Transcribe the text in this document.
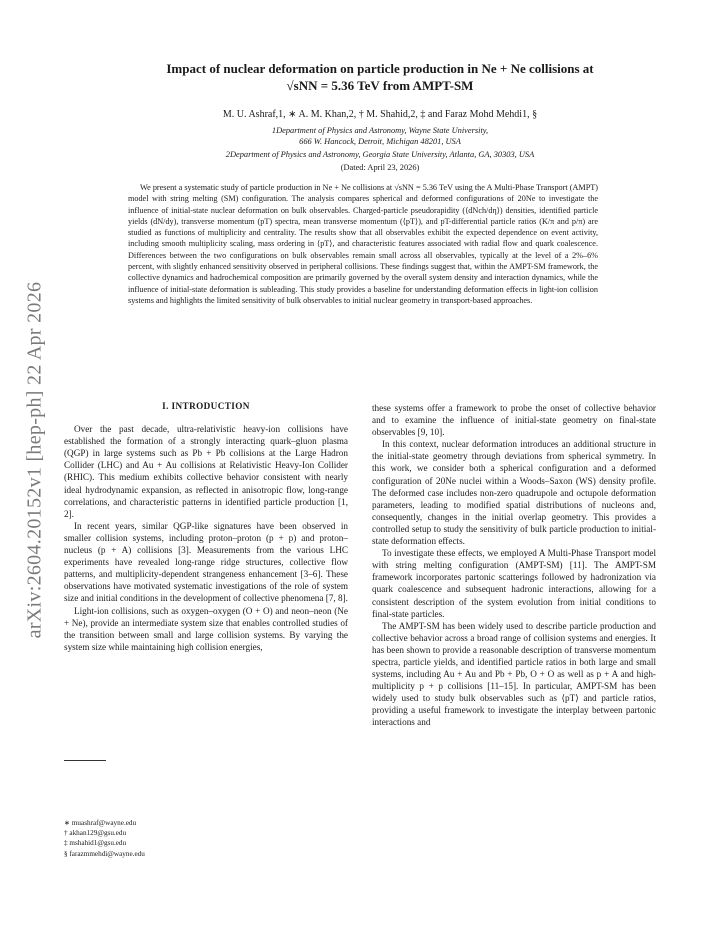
arXiv:2604.20152v1 [hep-ph] 22 Apr 2026
Impact of nuclear deformation on particle production in Ne + Ne collisions at
√sNN = 5.36 TeV from AMPT-SM
M. U. Ashraf,1, ∗ A. M. Khan,2, † M. Shahid,2, ‡ and Faraz Mohd Mehdi1, §
1Department of Physics and Astronomy, Wayne State University,
666 W. Hancock, Detroit, Michigan 48201, USA
2Department of Physics and Astronomy, Georgia State University, Atlanta, GA, 30303, USA
(Dated: April 23, 2026)

We present a systematic study of particle production in Ne + Ne collisions at √sNN = 5.36 TeV using the A Multi-Phase Transport (AMPT) model with string melting (SM) configuration. The analysis compares spherical and deformed configurations of 20Ne to investigate the influence of initial-state nuclear deformation on bulk observables. Charged-particle pseudorapidity (⟨dNch/dη⟩) densities, identified particle yields (dN/dy), transverse momentum (pT) spectra, mean transverse momentum (⟨pT⟩), and pT-differential particle ratios (K/π and p/π) are studied as functions of multiplicity and centrality. The results show that all observables exhibit the expected dependence on event activity, including smooth multiplicity scaling, mass ordering in ⟨pT⟩, and characteristic features associated with radial flow and quark coalescence. Differences between the two configurations on bulk observables remain small across all observables, typically at the level of a 2%–6% percent, with slightly enhanced sensitivity observed in peripheral collisions. These findings suggest that, within the AMPT-SM framework, the collective dynamics and hadrochemical composition are primarily governed by the overall system density and interaction dynamics, while the influence of initial-state deformation is subleading. This study provides a baseline for understanding deformation effects in light-ion collision systems and highlights the limited sensitivity of bulk observables to initial nuclear geometry in transport-based approaches.

I. INTRODUCTION

Over the past decade, ultra-relativistic heavy-ion collisions have established the formation of a strongly interacting quark–gluon plasma (QGP) in large systems such as Pb + Pb collisions at the Large Hadron Collider (LHC) and Au + Au collisions at Relativistic Heavy-Ion Collider (RHIC). This medium exhibits collective behavior consistent with nearly ideal hydrodynamic expansion, as reflected in anisotropic flow, long-range correlations, and characteristic patterns in identified particle production [1, 2].

In recent years, similar QGP-like signatures have been observed in smaller collision systems, including proton–proton (p + p) and proton–nucleus (p + A) collisions [3]. Measurements from the various LHC experiments have revealed long-range ridge structures, collective flow patterns, and multiplicity-dependent strangeness enhancement [3–6]. These observations have motivated systematic investigations of the role of system size and initial conditions in the development of collective phenomena [7, 8].

Light-ion collisions, such as oxygen–oxygen (O + O) and neon–neon (Ne + Ne), provide an intermediate system size that enables controlled studies of the transition between small and large collision systems. By varying the system size while maintaining high collision energies,

these systems offer a framework to probe the onset of collective behavior and to examine the influence of initial-state geometry on final-state observables [9, 10].

In this context, nuclear deformation introduces an additional structure in the initial-state geometry through deviations from spherical symmetry. In this work, we consider both a spherical configuration and a deformed configuration of 20Ne nuclei within a Woods–Saxon (WS) density profile. The deformed case includes non-zero quadrupole and octupole deformation parameters, leading to modified spatial distributions of nucleons and, consequently, changes in the initial overlap geometry. This provides a controlled setup to study the sensitivity of bulk particle production to initial-state deformation effects.

To investigate these effects, we employed A Multi-Phase Transport model with string melting configuration (AMPT-SM) [11]. The AMPT-SM framework incorporates partonic scatterings followed by hadronization via quark coalescence and subsequent hadronic interactions, allowing for a consistent description of the system evolution from initial conditions to final-state particles.

The AMPT-SM has been widely used to describe particle production and collective behavior across a broad range of collision systems and energies. It has been shown to provide a reasonable description of transverse momentum spectra, particle yields, and identified particle ratios in both large and small systems, including Au + Au and Pb + Pb, O + O as well as p + A and high-multiplicity p + p collisions [11–15]. In particular, AMPT-SM has been widely used to study bulk observables such as ⟨pT⟩ and particle ratios, providing a useful framework to investigate the interplay between partonic interactions and

∗ muashraf@wayne.edu
† akhan129@gsu.edu
‡ mshahid1@gsu.edu
§ farazmmehdi@wayne.edu
